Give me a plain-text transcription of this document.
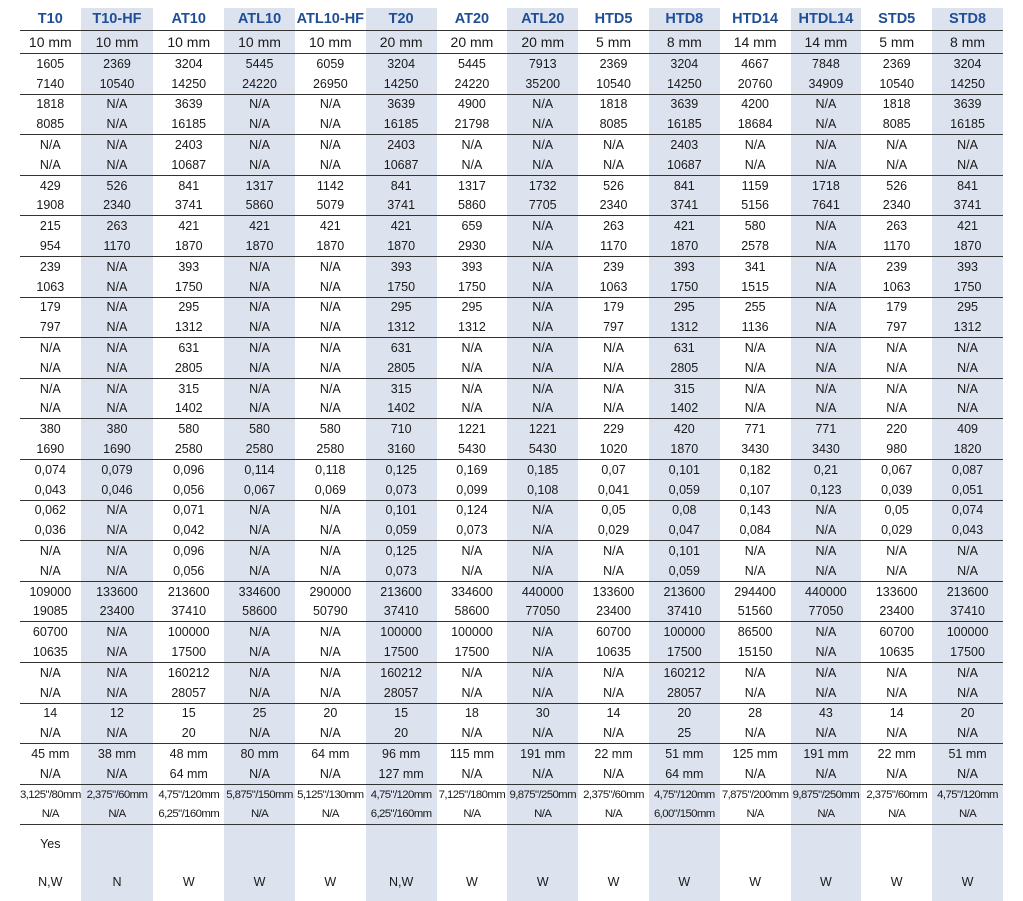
T10	T10-HF	AT10	ATL10	ATL10-HF	T20	AT20	ATL20	HTD5	HTD8	HTD14	HTDL14	STD5	STD8
10 mm	10 mm	10 mm	10 mm	10 mm	20 mm	20 mm	20 mm	5 mm	8 mm	14 mm	14 mm	5 mm	8 mm
1605	2369	3204	5445	6059	3204	5445	7913	2369	3204	4667	7848	2369	3204
7140	10540	14250	24220	26950	14250	24220	35200	10540	14250	20760	34909	10540	14250
1818	N/A	3639	N/A	N/A	3639	4900	N/A	1818	3639	4200	N/A	1818	3639
8085	N/A	16185	N/A	N/A	16185	21798	N/A	8085	16185	18684	N/A	8085	16185
N/A	N/A	2403	N/A	N/A	2403	N/A	N/A	N/A	2403	N/A	N/A	N/A	N/A
N/A	N/A	10687	N/A	N/A	10687	N/A	N/A	N/A	10687	N/A	N/A	N/A	N/A
429	526	841	1317	1142	841	1317	1732	526	841	1159	1718	526	841
1908	2340	3741	5860	5079	3741	5860	7705	2340	3741	5156	7641	2340	3741
215	263	421	421	421	421	659	N/A	263	421	580	N/A	263	421
954	1170	1870	1870	1870	1870	2930	N/A	1170	1870	2578	N/A	1170	1870
239	N/A	393	N/A	N/A	393	393	N/A	239	393	341	N/A	239	393
1063	N/A	1750	N/A	N/A	1750	1750	N/A	1063	1750	1515	N/A	1063	1750
179	N/A	295	N/A	N/A	295	295	N/A	179	295	255	N/A	179	295
797	N/A	1312	N/A	N/A	1312	1312	N/A	797	1312	1136	N/A	797	1312
N/A	N/A	631	N/A	N/A	631	N/A	N/A	N/A	631	N/A	N/A	N/A	N/A
N/A	N/A	2805	N/A	N/A	2805	N/A	N/A	N/A	2805	N/A	N/A	N/A	N/A
N/A	N/A	315	N/A	N/A	315	N/A	N/A	N/A	315	N/A	N/A	N/A	N/A
N/A	N/A	1402	N/A	N/A	1402	N/A	N/A	N/A	1402	N/A	N/A	N/A	N/A
380	380	580	580	580	710	1221	1221	229	420	771	771	220	409
1690	1690	2580	2580	2580	3160	5430	5430	1020	1870	3430	3430	980	1820
0,074	0,079	0,096	0,114	0,118	0,125	0,169	0,185	0,07	0,101	0,182	0,21	0,067	0,087
0,043	0,046	0,056	0,067	0,069	0,073	0,099	0,108	0,041	0,059	0,107	0,123	0,039	0,051
0,062	N/A	0,071	N/A	N/A	0,101	0,124	N/A	0,05	0,08	0,143	N/A	0,05	0,074
0,036	N/A	0,042	N/A	N/A	0,059	0,073	N/A	0,029	0,047	0,084	N/A	0,029	0,043
N/A	N/A	0,096	N/A	N/A	0,125	N/A	N/A	N/A	0,101	N/A	N/A	N/A	N/A
N/A	N/A	0,056	N/A	N/A	0,073	N/A	N/A	N/A	0,059	N/A	N/A	N/A	N/A
109000	133600	213600	334600	290000	213600	334600	440000	133600	213600	294400	440000	133600	213600
19085	23400	37410	58600	50790	37410	58600	77050	23400	37410	51560	77050	23400	37410
60700	N/A	100000	N/A	N/A	100000	100000	N/A	60700	100000	86500	N/A	60700	100000
10635	N/A	17500	N/A	N/A	17500	17500	N/A	10635	17500	15150	N/A	10635	17500
N/A	N/A	160212	N/A	N/A	160212	N/A	N/A	N/A	160212	N/A	N/A	N/A	N/A
N/A	N/A	28057	N/A	N/A	28057	N/A	N/A	N/A	28057	N/A	N/A	N/A	N/A
14	12	15	25	20	15	18	30	14	20	28	43	14	20
N/A	N/A	20	N/A	N/A	20	N/A	N/A	N/A	25	N/A	N/A	N/A	N/A
45 mm	38 mm	48 mm	80 mm	64 mm	96 mm	115 mm	191 mm	22 mm	51 mm	125 mm	191 mm	22 mm	51 mm
N/A	N/A	64 mm	N/A	N/A	127 mm	N/A	N/A	N/A	64 mm	N/A	N/A	N/A	N/A
3,125"/80mm	2,375"/60mm	4,75"/120mm	5,875"/150mm	5,125"/130mm	4,75"/120mm	7,125"/180mm	9,875"/250mm	2,375"/60mm	4,75"/120mm	7,875"/200mm	9,875"/250mm	2,375"/60mm	4,75"/120mm
N/A	N/A	6,25"/160mm	N/A	N/A	6,25"/160mm	N/A	N/A	N/A	6,00"/150mm	N/A	N/A	N/A	N/A
Yes													
N,W	N	W	W	W	N,W	W	W	W	W	W	W	W	W
